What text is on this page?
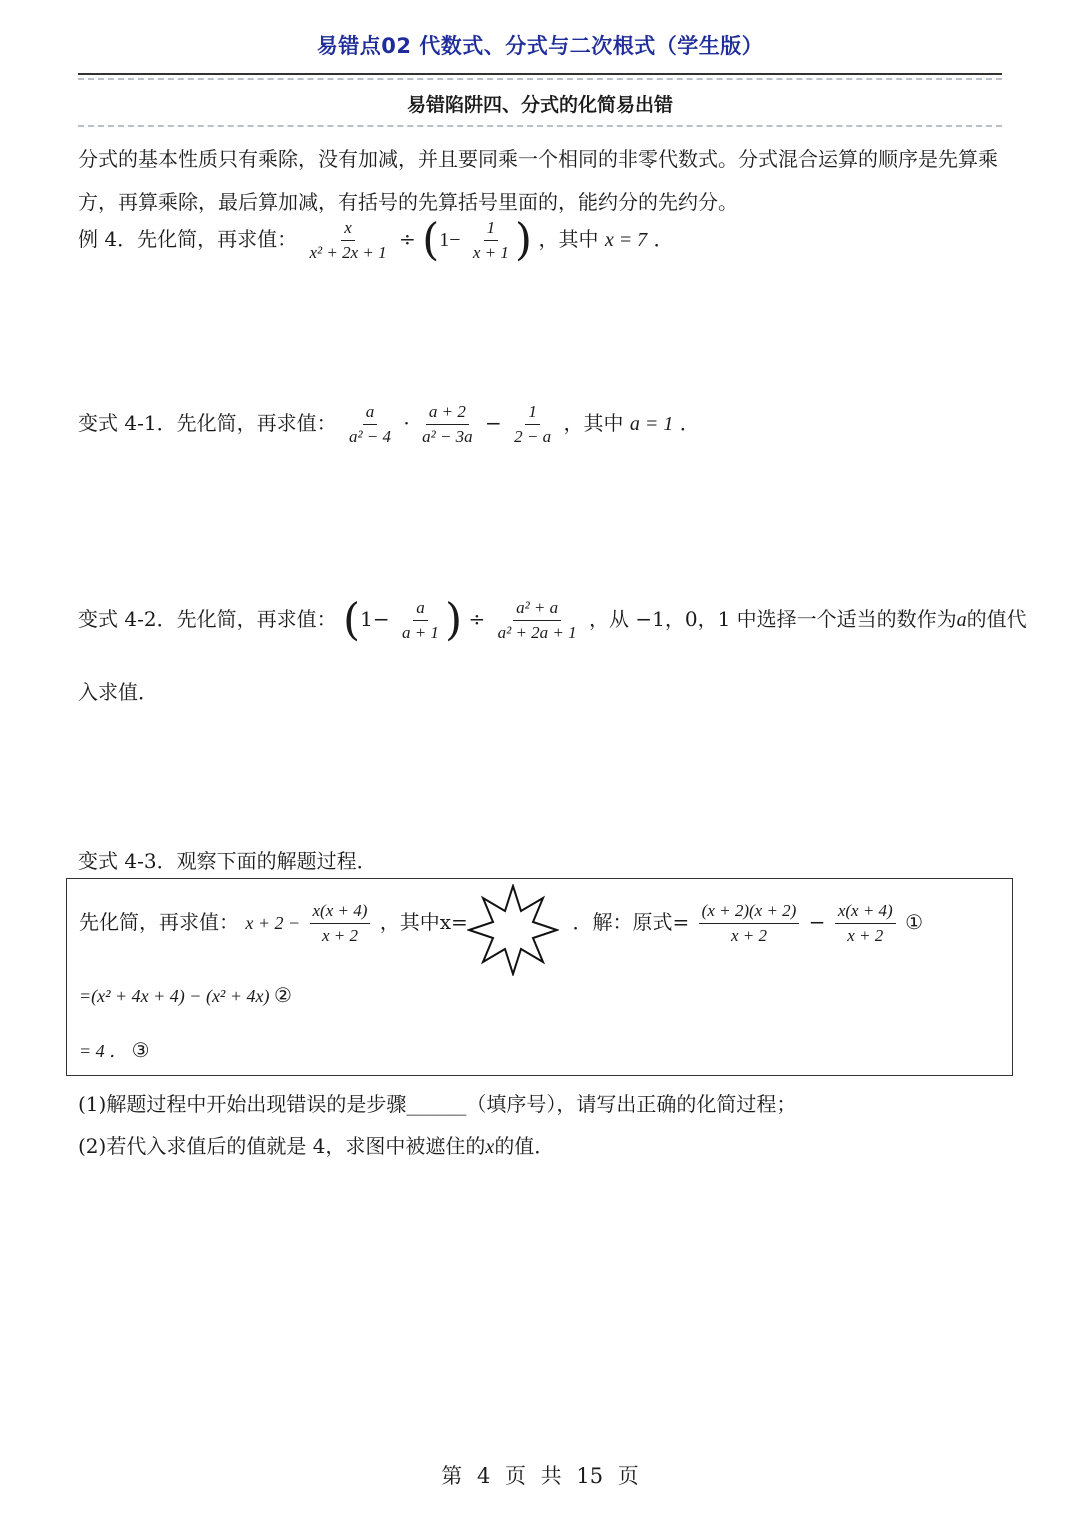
易错点02 代数式、分式与二次根式（学生版）
易错陷阱四、分式的化简易出错
分式的基本性质只有乘除，没有加减，并且要同乘一个相同的非零代数式。分式混合运算的顺序是先算乘方，再算乘除，最后算加减，有括号的先算括号里面的，能约分的先约分。
例 4．先化简，再求值： $\frac{x}{\text{x² + 2x + 1}} \div (1- \frac{1}{x + 1}$ ) ，其中 x = 7 ．
变式 4-1．先化简，再求值： $\frac{a}{\text{a² − 4}} \cdot \frac{a + 2}{\text{a² − 3a}} - \frac{1}{2 - a}$ ，其中 a = 1 ．
变式 4-2．先化简，再求值： ($1- \frac{a}{a + 1}$ ) ÷ $\frac{\text{a² + a}}{\text{a² + 2a + 1}}$ ，从 −1，0，1 中选择一个适当的数作为a的值代
入求值．
变式 4-3．观察下面的解题过程．
先化简，再求值： $x + 2 - \frac{x(x + 4)}{x + 2}$ ，其中x=	．解：原式= $\frac{(x + 2)(x + 2)}{x + 2} - \frac{x(x + 4)}{x + 2}$ ①
=(x² + 4x + 4) − (x² + 4x) ②
= 4 ． ③
(1)解题过程中开始出现错误的是步骤______（填序号），请写出正确的化简过程；
(2)若代入求值后的值就是 4，求图中被遮住的x的值．
第 4 页 共 15 页
